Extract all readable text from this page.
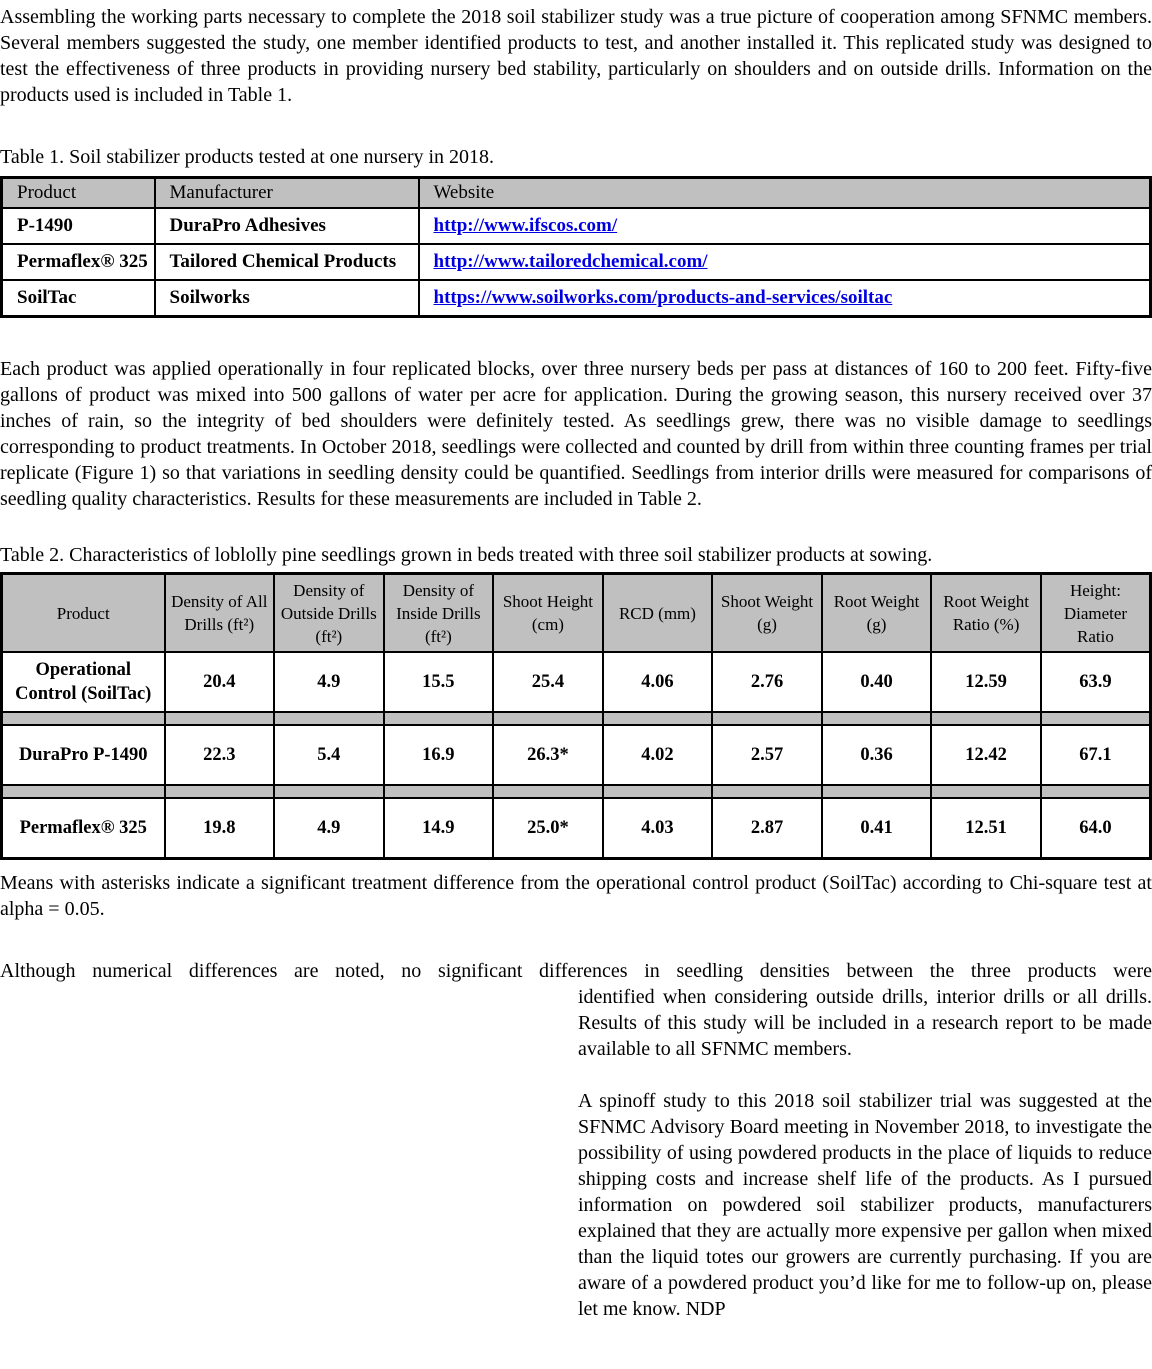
Assembling the working parts necessary to complete the 2018 soil stabilizer study was a true picture of cooperation among SFNMC members. Several members suggested the study, one member identified products to test, and another installed it. This replicated study was designed to test the effectiveness of three products in providing nursery bed stability, particularly on shoulders and on outside drills. Information on the products used is included in Table 1.

Table 1. Soil stabilizer products tested at one nursery in 2018.

Product	Manufacturer	Website
P-1490	DuraPro Adhesives	http://www.ifscos.com/
Permaflex® 325	Tailored Chemical Products	http://www.tailoredchemical.com/
SoilTac	Soilworks	https://www.soilworks.com/products-and-services/soiltac

Each product was applied operationally in four replicated blocks, over three nursery beds per pass at distances of 160 to 200 feet. Fifty-five gallons of product was mixed into 500 gallons of water per acre for application. During the growing season, this nursery received over 37 inches of rain, so the integrity of bed shoulders were definitely tested. As seedlings grew, there was no visible damage to seedlings corresponding to product treatments. In October 2018, seedlings were collected and counted by drill from within three counting frames per trial replicate (Figure 1) so that variations in seedling density could be quantified. Seedlings from interior drills were measured for comparisons of seedling quality characteristics. Results for these measurements are included in Table 2.

Table 2. Characteristics of loblolly pine seedlings grown in beds treated with three soil stabilizer products at sowing.

Product	Density of All Drills (ft²)	Density of Outside Drills (ft²)	Density of Inside Drills (ft²)	Shoot Height (cm)	RCD (mm)	Shoot Weight (g)	Root Weight (g)	Root Weight Ratio (%)	Height: Diameter Ratio
Operational Control (SoilTac)	20.4	4.9	15.5	25.4	4.06	2.76	0.40	12.59	63.9

DuraPro P-1490	22.3	5.4	16.9	26.3*	4.02	2.57	0.36	12.42	67.1

Permaflex® 325	19.8	4.9	14.9	25.0*	4.03	2.87	0.41	12.51	64.0

Means with asterisks indicate a significant treatment difference from the operational control product (SoilTac) according to Chi-square test at alpha = 0.05.

Although numerical differences are noted, no significant differences in seedling densities between the three products were

identified when considering outside drills, interior drills or all drills. Results of this study will be included in a research report to be made available to all SFNMC members.

A spinoff study to this 2018 soil stabilizer trial was suggested at the SFNMC Advisory Board meeting in November 2018, to investigate the possibility of using powdered products in the place of liquids to reduce shipping costs and increase shelf life of the products. As I pursued information on powdered soil stabilizer products, manufacturers explained that they are actually more expensive per gallon when mixed than the liquid totes our growers are currently purchasing. If you are aware of a powdered product you’d like for me to follow-up on, please let me know. NDP
